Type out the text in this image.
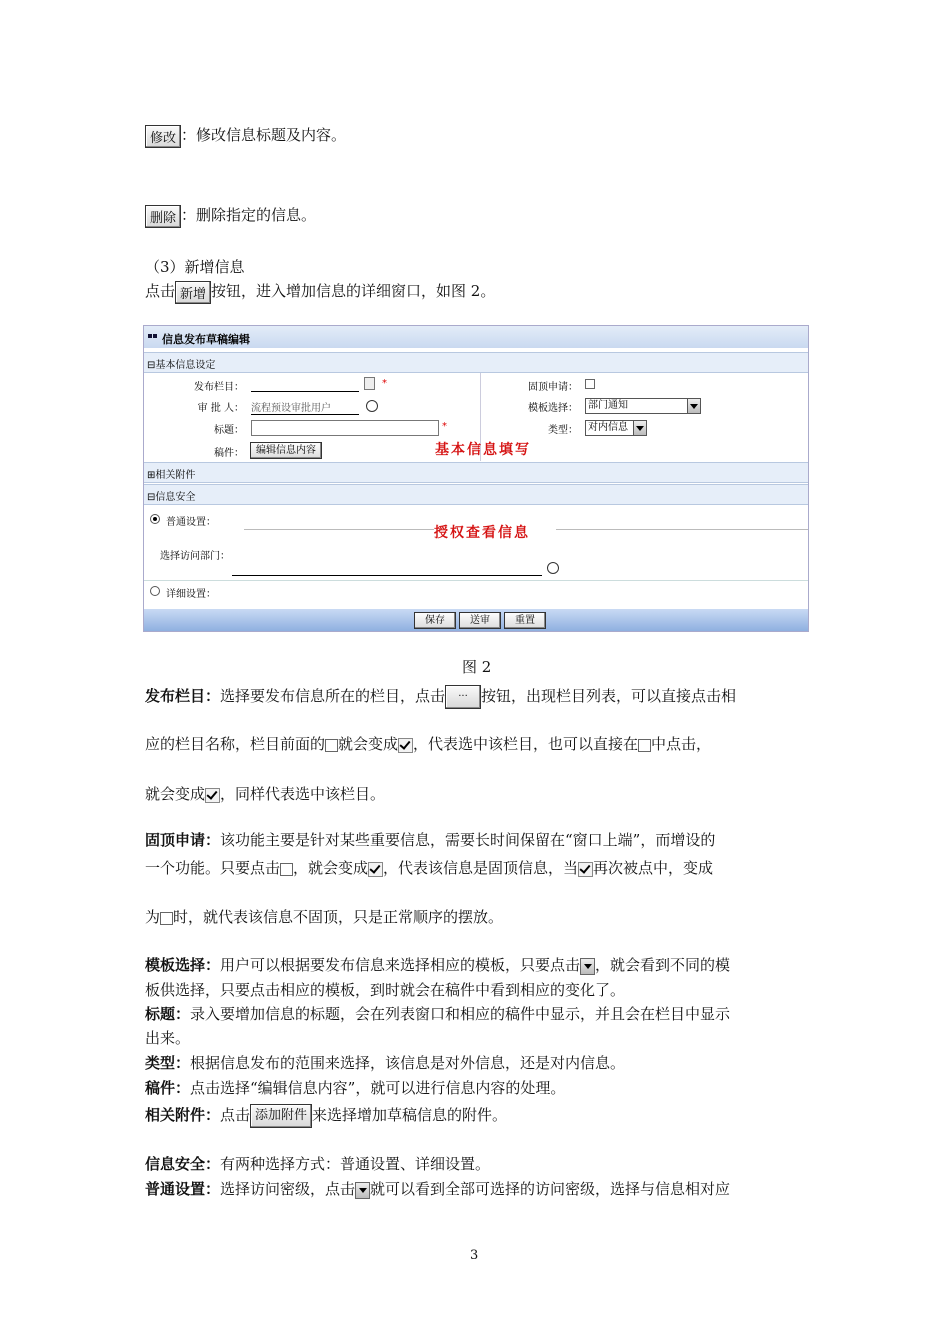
修改 ：修改信息标题及内容。
删除 ：删除指定的信息。
（3）新增信息
点击 新增 按钮，进入增加信息的详细窗口，如图 2。
信息发布草稿编辑
⊟基本信息设定
发布栏目：	*
审 批 人： 流程预设审批用户
标题：	*
稿件：	编辑信息内容
固顶申请：
模板选择：	部门通知
类型：	对内信息
基本信息填写
⊞相关附件
⊟信息安全
普通设置：
授权查看信息
选择访问部门：
详细设置：
保存	送审	重置
图 2
发布栏目：选择要发布信息所在的栏目，点击 ··· 按钮，出现栏目列表，可以直接点击相
应的栏目名称，栏目前面的 就会变成 ，代表选中该栏目，也可以直接在 中点击，
就会变成 ，同样代表选中该栏目。
固顶申请：该功能主要是针对某些重要信息，需要长时间保留在“窗口上端”，而增设的
一个功能。只要点击 ，就会变成 ，代表该信息是固顶信息，当 再次被点中，变成
为 时，就代表该信息不固顶，只是正常顺序的摆放。
模板选择：用户可以根据要发布信息来选择相应的模板，只要点击 ，就会看到不同的模
板供选择，只要点击相应的模板，到时就会在稿件中看到相应的变化了。
标题：录入要增加信息的标题，会在列表窗口和相应的稿件中显示，并且会在栏目中显示
出来。
类型：根据信息发布的范围来选择，该信息是对外信息，还是对内信息。
稿件：点击选择“编辑信息内容”，就可以进行信息内容的处理。
相关附件：点击 添加附件 来选择增加草稿信息的附件。
信息安全：有两种选择方式：普通设置、详细设置。
普通设置：选择访问密级，点击 就可以看到全部可选择的访问密级，选择与信息相对应
3
